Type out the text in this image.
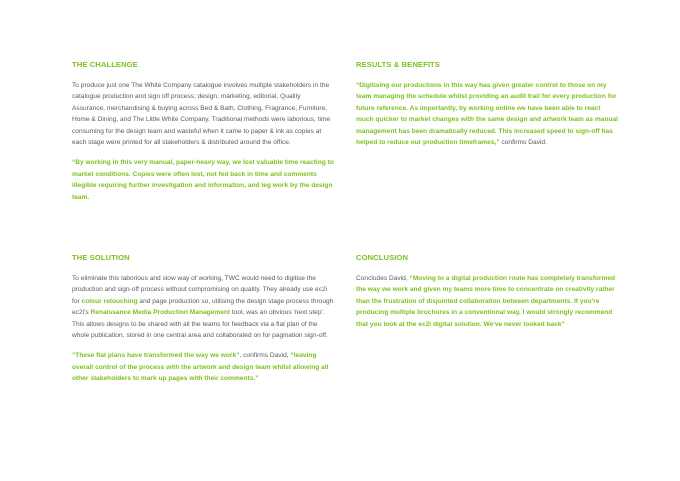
THE CHALLENGE

To produce just one The White Company catalogue involves multiple stakeholders in the catalogue production and sign off process; design, marketing, editorial, Quality Assurance, merchandising & buying across Bed & Bath, Clothing, Fragrance, Furniture, Home & Dining, and The Little White Company. Traditional methods were laborious, time consuming for the design team and wasteful when it came to paper & ink as copies at each stage were printed for all stakeholders & distributed around the office.

“By working in this very manual, paper-heavy way, we lost valuable time reacting to market conditions. Copies were often lost, not fed back in time and comments illegible requiring further investigation and information, and leg work by the design team.

THE SOLUTION

To eliminate this laborious and slow way of working, TWC would need to digitise the production and sign-off process without compromising on quality. They already use ec2i for colour retouching and page production so, utilising the design stage process through ec2i's Renaissance Media Production Management tool, was an obvious 'next step'. This allows designs to be shared with all the teams for feedback via a flat plan of the whole publication, stored in one central area and collaborated on for pagination sign-off.

“These flat plans have transformed the way we work”, confirms David, “leaving overall control of the process with the artwork and design team whilst allowing all other stakeholders to mark up pages with their comments.”

RESULTS & BENEFITS

“Digitising our productions in this way has given greater control to those on my team managing the schedule whilst providing an audit trail for every production for future reference. As importantly, by working online we have been able to react much quicker to market changes with the same design and artwork team as manual management has been dramatically reduced. This increased speed to sign-off has helped to reduce our production timeframes,” confirms David.

CONCLUSION

Concludes David, “Moving to a digital production route has completely transformed the way we work and given my teams more time to concentrate on creativity rather than the frustration of disjointed collaboration between departments. If you're producing multiple brochures in a conventional way, I would strongly recommend that you look at the ec2i digital solution. We've never looked back”
